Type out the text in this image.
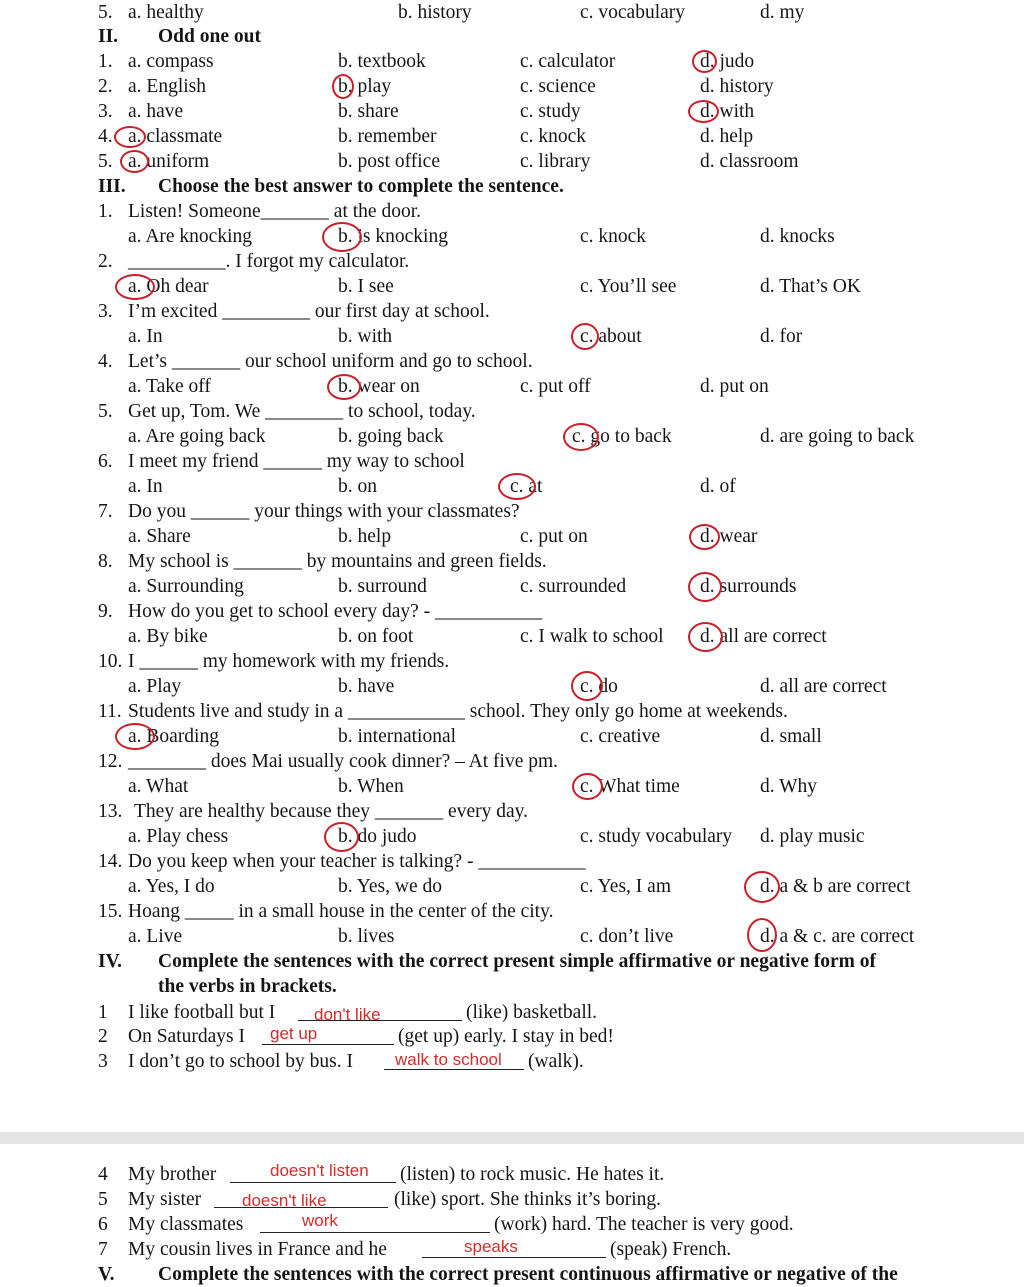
5. a. healthy	b. history	c. vocabulary	d. my
II. Odd one out
1. a. compass	b. textbook	c. calculator	d. judo
2. a. English	b. play	c. science	d. history
3. a. have	b. share	c. study	d. with
4. a. classmate	b. remember	c. knock	d. help
5. a. uniform	b. post office	c. library	d. classroom
III. Choose the best answer to complete the sentence.
1. Listen! Someone_______ at the door.
a. Are knocking	b. is knocking	c. knock	d. knocks
2. __________. I forgot my calculator.
a. Oh dear	b. I see	c. You’ll see	d. That’s OK
3. I’m excited _________ our first day at school.
a. In	b. with	c. about	d. for
4. Let’s _______ our school uniform and go to school.
a. Take off	b. wear on	c. put off	d. put on
5. Get up, Tom. We ________ to school, today.
a. Are going back	b. going back	c. go to back	d. are going to back
6. I meet my friend ______ my way to school
a. In	b. on	c. at	d. of
7. Do you ______ your things with your classmates?
a. Share	b. help	c. put on	d. wear
8. My school is _______ by mountains and green fields.
a. Surrounding	b. surround	c. surrounded	d. surrounds
9. How do you get to school every day? - ___________
a. By bike	b. on foot	c. I walk to school d. all are correct
10. I ______ my homework with my friends.
a. Play	b. have	c. do	d. all are correct
11. Students live and study in a ____________ school. They only go home at weekends.
a. Boarding	b. international	c. creative	d. small
12. ________ does Mai usually cook dinner? – At five pm.
a. What	b. When	c. What time	d. Why
13. They are healthy because they _______ every day.
a. Play chess	b. do judo	c. study vocabulary d. play music
14. Do you keep when your teacher is talking? - ___________
a. Yes, I do	b. Yes, we do	c. Yes, I am	d. a & b are correct
15. Hoang _____ in a small house in the center of the city.
a. Live	b. lives	c. don’t live	d. a & c. are correct
IV. Complete the sentences with the correct present simple affirmative or negative form of
the verbs in brackets.
1 I like football but I don't like	(like) basketball.
2 On Saturdays I get up	(get up) early. I stay in bed!
3 I don’t go to school by bus. I walk to school (walk).
4 My brother	doesn't listen (listen) to rock music. He hates it.
5 My sister doesn't like	(like) sport. She thinks it’s boring.
6 My classmates	work	(work) hard. The teacher is very good.
7 My cousin lives in France and he	speaks	(speak) French.
V. Complete the sentences with the correct present continuous affirmative or negative of the
